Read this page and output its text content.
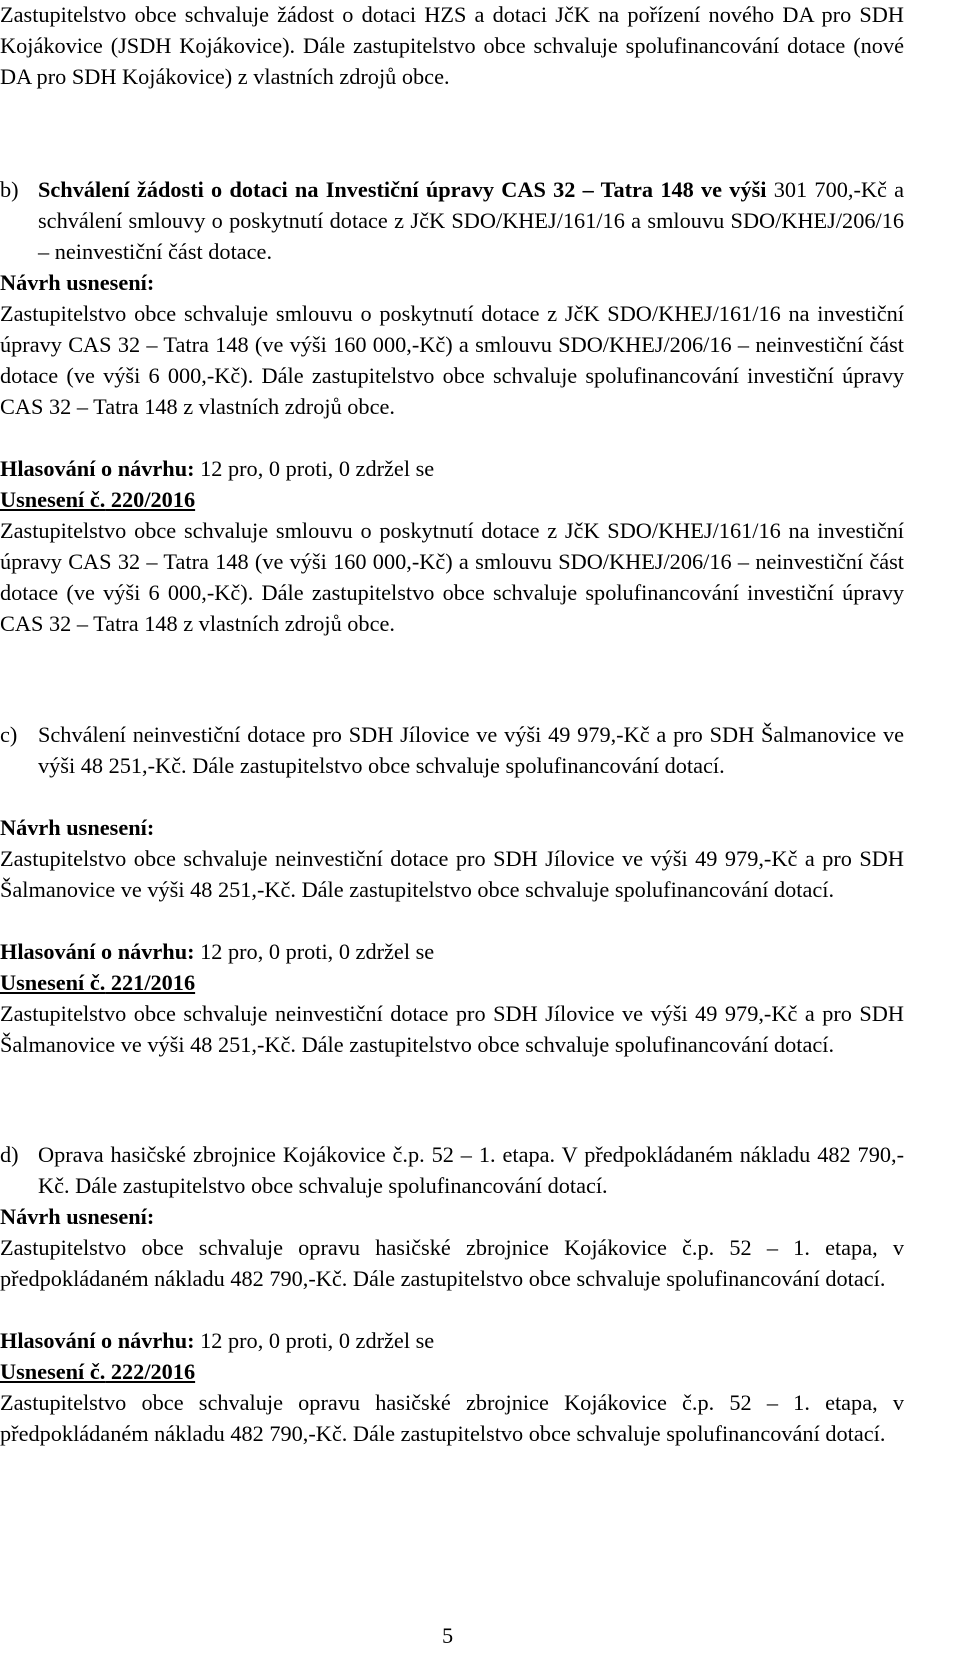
Zastupitelstvo obce schvaluje žádost o dotaci HZS a dotaci JčK na pořízení nového DA pro SDH Kojákovice (JSDH Kojákovice). Dále zastupitelstvo obce schvaluje spolufinancování dotace (nové DA pro SDH Kojákovice) z vlastních zdrojů obce.
b) Schválení žádosti o dotaci na Investiční úpravy CAS 32 – Tatra 148 ve výši 301 700,-Kč a schválení smlouvy o poskytnutí dotace z JčK SDO/KHEJ/161/16 a smlouvu SDO/KHEJ/206/16 – neinvestiční část dotace.
Návrh usnesení:
Zastupitelstvo obce schvaluje smlouvu o poskytnutí dotace z JčK SDO/KHEJ/161/16 na investiční úpravy CAS 32 – Tatra 148 (ve výši 160 000,-Kč) a smlouvu SDO/KHEJ/206/16 – neinvestiční část dotace (ve výši 6 000,-Kč). Dále zastupitelstvo obce schvaluje spolufinancování investiční úpravy CAS 32 – Tatra 148 z vlastních zdrojů obce.
Hlasování o návrhu: 12 pro, 0 proti, 0 zdržel se
Usnesení č. 220/2016
Zastupitelstvo obce schvaluje smlouvu o poskytnutí dotace z JčK SDO/KHEJ/161/16 na investiční úpravy CAS 32 – Tatra 148 (ve výši 160 000,-Kč) a smlouvu SDO/KHEJ/206/16 – neinvestiční část dotace (ve výši 6 000,-Kč). Dále zastupitelstvo obce schvaluje spolufinancování investiční úpravy CAS 32 – Tatra 148 z vlastních zdrojů obce.
c) Schválení neinvestiční dotace pro SDH Jílovice ve výši 49 979,-Kč a pro SDH Šalmanovice ve výši 48 251,-Kč. Dále zastupitelstvo obce schvaluje spolufinancování dotací.
Návrh usnesení:
Zastupitelstvo obce schvaluje neinvestiční dotace pro SDH Jílovice ve výši 49 979,-Kč a pro SDH Šalmanovice ve výši 48 251,-Kč. Dále zastupitelstvo obce schvaluje spolufinancování dotací.
Hlasování o návrhu: 12 pro, 0 proti, 0 zdržel se
Usnesení č. 221/2016
Zastupitelstvo obce schvaluje neinvestiční dotace pro SDH Jílovice ve výši 49 979,-Kč a pro SDH Šalmanovice ve výši 48 251,-Kč. Dále zastupitelstvo obce schvaluje spolufinancování dotací.
d) Oprava hasičské zbrojnice Kojákovice č.p. 52 – 1. etapa. V předpokládaném nákladu 482 790,-Kč. Dále zastupitelstvo obce schvaluje spolufinancování dotací.
Návrh usnesení:
Zastupitelstvo obce schvaluje opravu hasičské zbrojnice Kojákovice č.p. 52 – 1. etapa, v předpokládaném nákladu 482 790,-Kč. Dále zastupitelstvo obce schvaluje spolufinancování dotací.
Hlasování o návrhu: 12 pro, 0 proti, 0 zdržel se
Usnesení č. 222/2016
Zastupitelstvo obce schvaluje opravu hasičské zbrojnice Kojákovice č.p. 52 – 1. etapa, v předpokládaném nákladu 482 790,-Kč. Dále zastupitelstvo obce schvaluje spolufinancování dotací.
5
